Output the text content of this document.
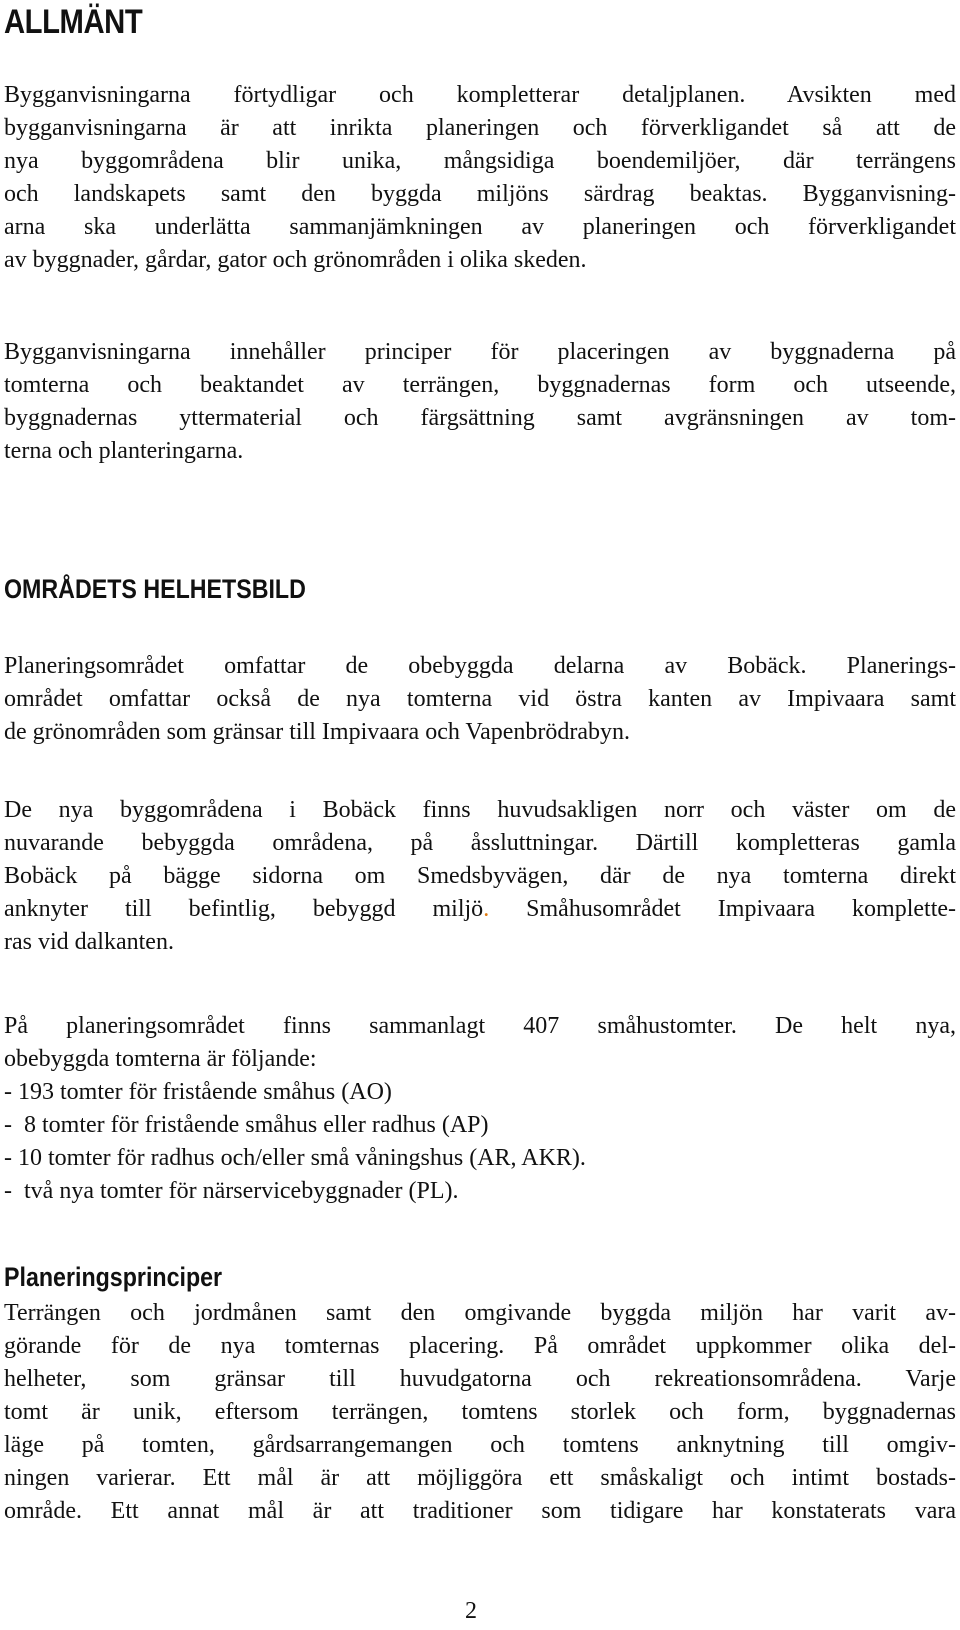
ALLMÄNT
Bygganvisningarna förtydligar och kompletterar detaljplanen. Avsikten med
bygganvisningarna är att inrikta planeringen och förverkligandet så att de
nya byggområdena blir unika, mångsidiga boendemiljöer, där terrängens
och landskapets samt den byggda miljöns särdrag beaktas. Bygganvisning-
arna ska underlätta sammanjämkningen av planeringen och förverkligandet
av byggnader, gårdar, gator och grönområden i olika skeden.
Bygganvisningarna innehåller principer för placeringen av byggnaderna på
tomterna och beaktandet av terrängen, byggnadernas form och utseende,
byggnadernas yttermaterial och färgsättning samt avgränsningen av tom-
terna och planteringarna.
OMRÅDETS HELHETSBILD
Planeringsområdet omfattar de obebyggda delarna av Bobäck. Planerings-
området omfattar också de nya tomterna vid östra kanten av Impivaara samt
de grönområden som gränsar till Impivaara och Vapenbrödrabyn.
De nya byggområdena i Bobäck finns huvudsakligen norr och väster om de
nuvarande bebyggda områdena, på åssluttningar. Därtill kompletteras gamla
Bobäck på bägge sidorna om Smedsbyvägen, där de nya tomterna direkt
anknyter till befintlig, bebyggd miljö. Småhusområdet Impivaara komplette-
ras vid dalkanten.
På planeringsområdet finns sammanlagt 407 småhustomter. De helt nya,
obebyggda tomterna är följande:
- 193 tomter för fristående småhus (AO)
-  8 tomter för fristående småhus eller radhus (AP)
- 10 tomter för radhus och/eller små våningshus (AR, AKR).
-  två nya tomter för närservicebyggnader (PL).
Planeringsprinciper
Terrängen och jordmånen samt den omgivande byggda miljön har varit av-
görande för de nya tomternas placering. På området uppkommer olika del-
helheter, som gränsar till huvudgatorna och rekreationsområdena. Varje
tomt är unik, eftersom terrängen, tomtens storlek och form, byggnadernas
läge på tomten, gårdsarrangemangen och tomtens anknytning till omgiv-
ningen varierar. Ett mål är att möjliggöra ett småskaligt och intimt bostads-
område. Ett annat mål är att traditioner som tidigare har konstaterats vara
2
